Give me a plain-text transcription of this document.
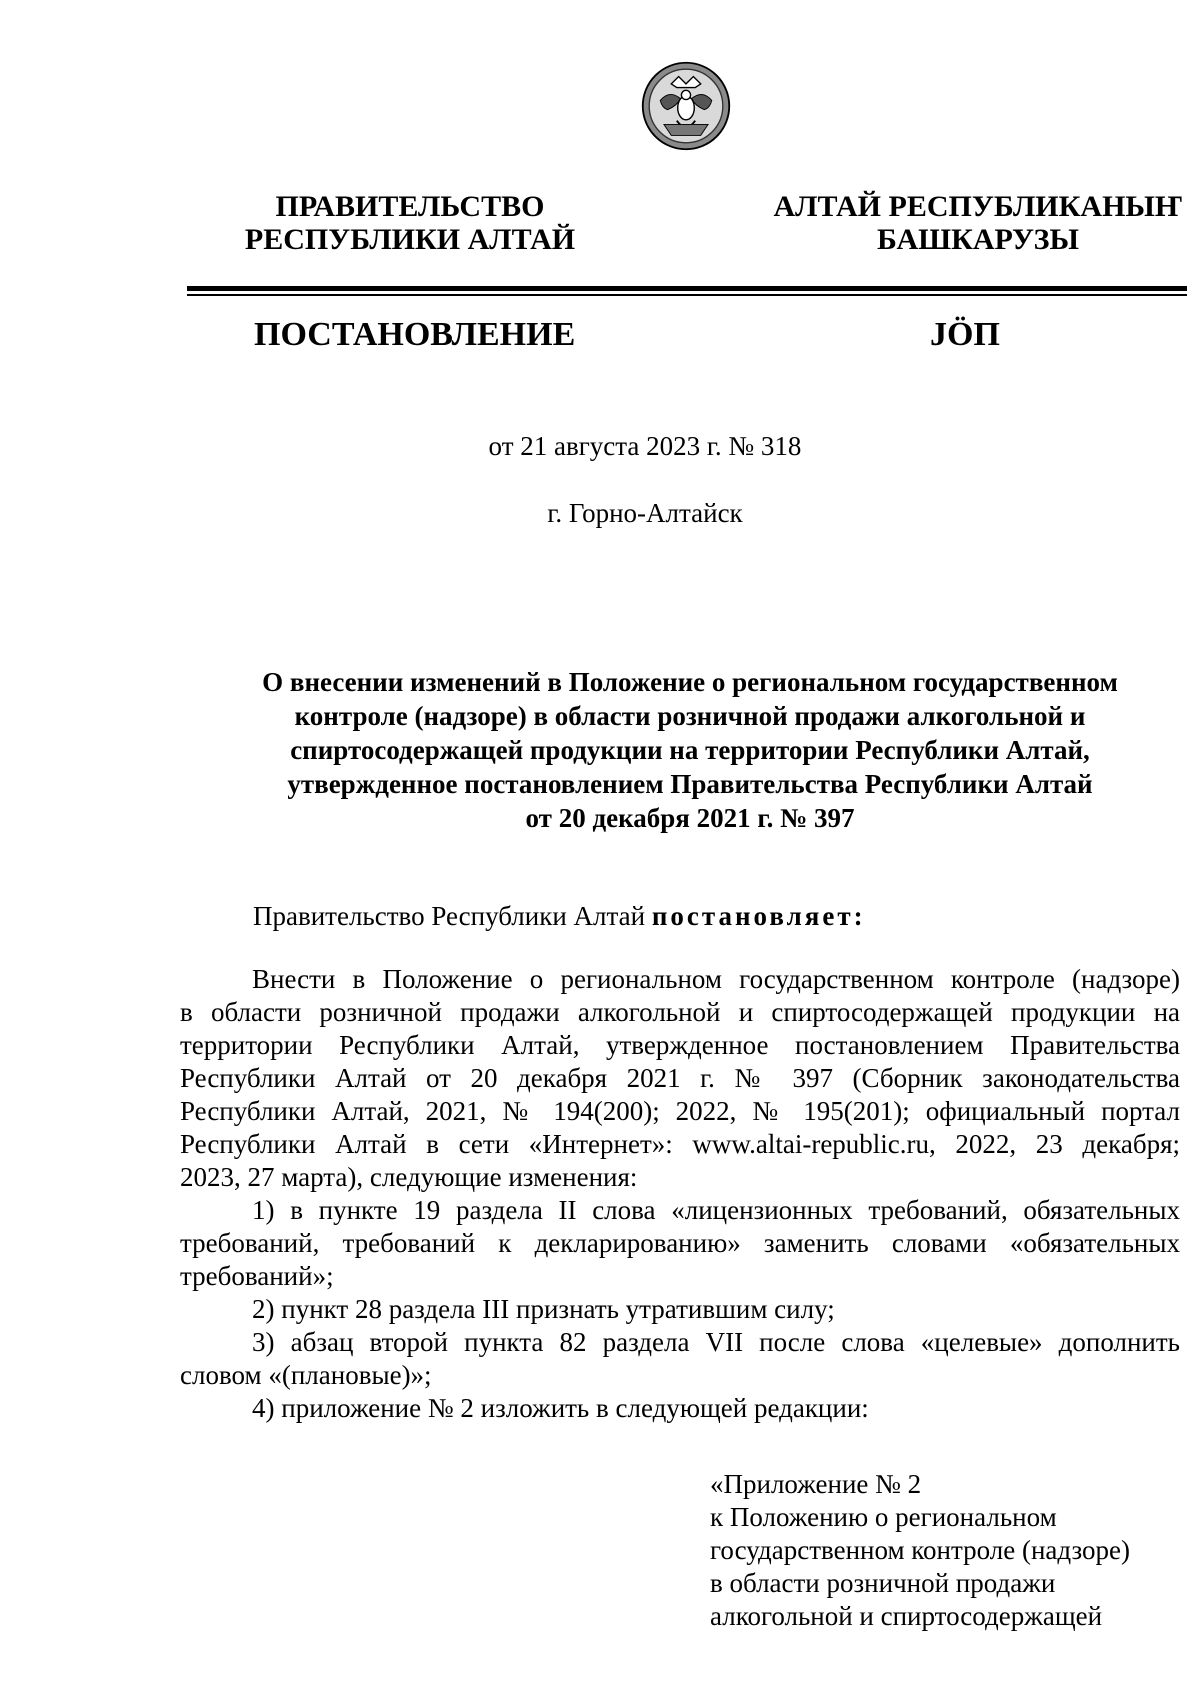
ПРАВИТЕЛЬСТВО
РЕСПУБЛИКИ АЛТАЙ
АЛТАЙ РЕСПУБЛИКАНЫҤ
БАШКАРУЗЫ
ПОСТАНОВЛЕНИЕ	JӦП
от 21 августа 2023 г. № 318
г. Горно-Алтайск
О внесении изменений в Положение о региональном государственном
контроле (надзоре) в области розничной продажи алкогольной и
спиртосодержащей продукции на территории Республики Алтай,
утвержденное постановлением Правительства Республики Алтай
от 20 декабря 2021 г. № 397
Правительство Республики Алтай постановляет:
Внести в Положение о региональном государственном контроле (надзоре)
в области розничной продажи алкогольной и спиртосодержащей продукции на
территории Республики Алтай, утвержденное постановлением Правительства
Республики Алтай от 20 декабря 2021 г. № 397 (Сборник законодательства
Республики Алтай, 2021, № 194(200); 2022, № 195(201); официальный портал
Республики Алтай в сети «Интернет»: www.altai-republic.ru, 2022, 23 декабря;
2023, 27 марта), следующие изменения:
1) в пункте 19 раздела II слова «лицензионных требований, обязательных
требований, требований к декларированию» заменить словами «обязательных
требований»;
2) пункт 28 раздела III признать утратившим силу;
3) абзац второй пункта 82 раздела VII после слова «целевые» дополнить
словом «(плановые)»;
4) приложение № 2 изложить в следующей редакции:
«Приложение № 2
к Положению о региональном
государственном контроле (надзоре)
в области розничной продажи
алкогольной и спиртосодержащей
